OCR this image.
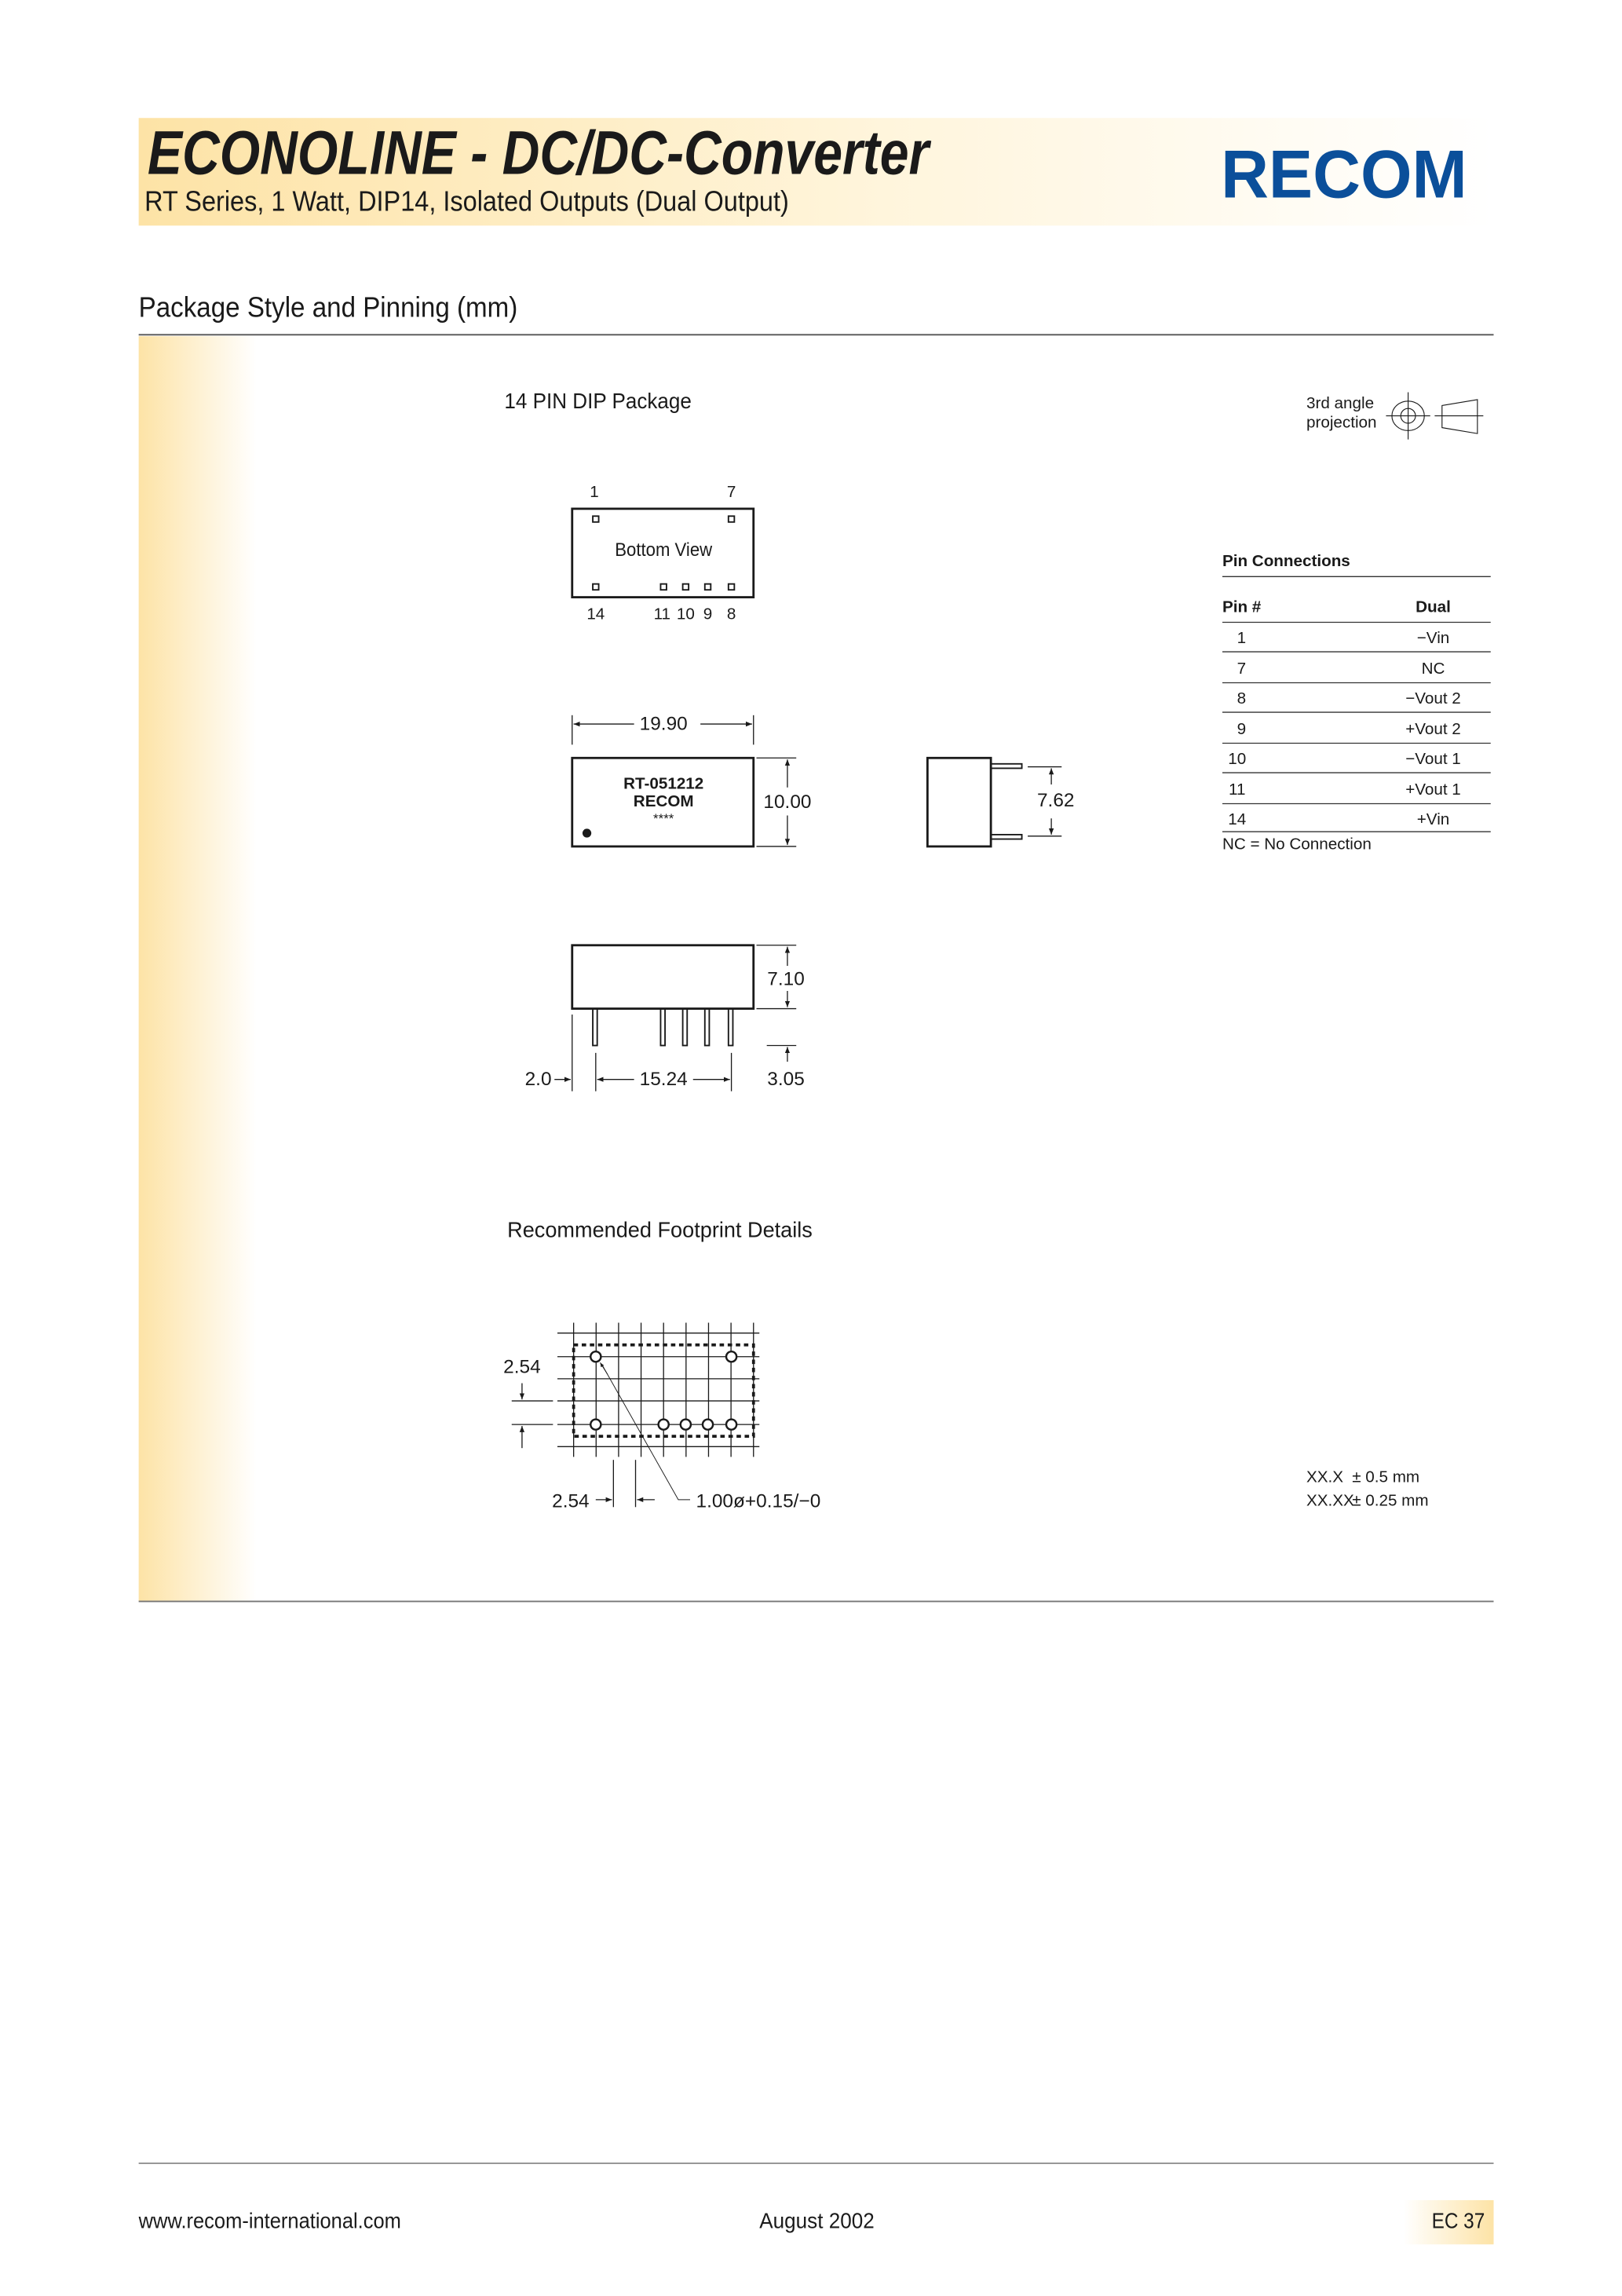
ECONOLINE - DC/DC-Converter
RT Series, 1 Watt, DIP14, Isolated Outputs (Dual Output)	RECOM
Package Style and Pinning (mm)
14 PIN DIP Package	3rd angle
projection
Bottom View
1	7
14	11 10 9 8
19.90
RT-051212
RECOM
****
10.00	7.62
7.10
3.05
2.0	15.24
Pin Connections
Pin #	Dual
1	−Vin
7	NC
8	−Vout 2
9	+Vout 2
10	−Vout 1
11	+Vout 1
14	+Vin
NC = No Connection
Recommended Footprint Details
2.54
2.54	1.00ø+0.15/−0
XX.X ± 0.5 mm
XX.XX
± 0.25 mm
www.recom-international.com	August 2002	EC 37
